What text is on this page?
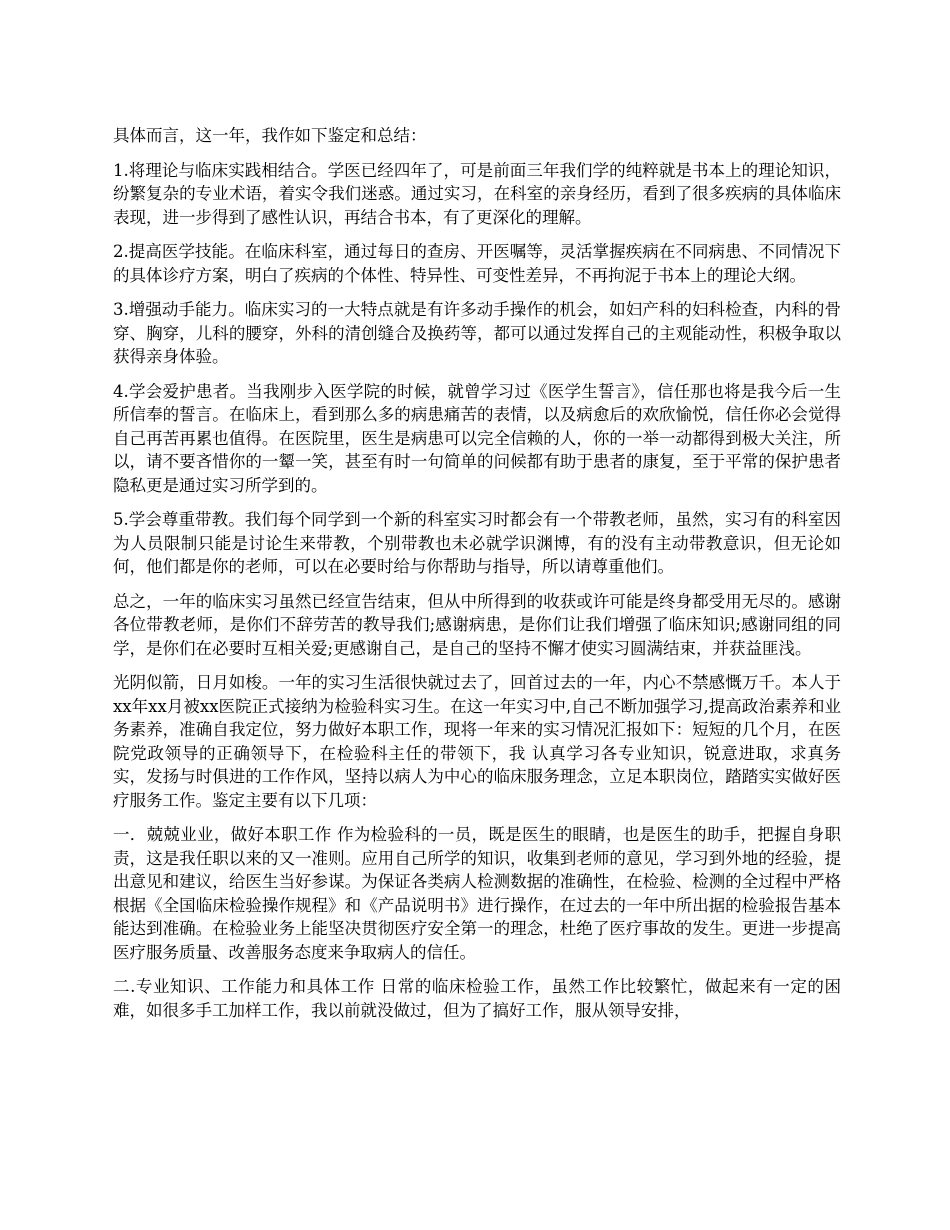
具体而言，这一年，我作如下鉴定和总结：

1.将理论与临床实践相结合。学医已经四年了，可是前面三年我们学的纯粹就是书本上的理论知识，纷繁复杂的专业术语，着实令我们迷惑。通过实习，在科室的亲身经历，看到了很多疾病的具体临床表现，进一步得到了感性认识，再结合书本，有了更深化的理解。

2.提高医学技能。在临床科室，通过每日的查房、开医嘱等，灵活掌握疾病在不同病患、不同情况下的具体诊疗方案，明白了疾病的个体性、特异性、可变性差异，不再拘泥于书本上的理论大纲。

3.增强动手能力。临床实习的一大特点就是有许多动手操作的机会，如妇产科的妇科检查，内科的骨穿、胸穿，儿科的腰穿，外科的清创缝合及换药等，都可以通过发挥自己的主观能动性，积极争取以获得亲身体验。

4.学会爱护患者。当我刚步入医学院的时候，就曾学习过《医学生誓言》，信任那也将是我今后一生所信奉的誓言。在临床上，看到那么多的病患痛苦的表情，以及病愈后的欢欣愉悦，信任你必会觉得自己再苦再累也值得。在医院里，医生是病患可以完全信赖的人，你的一举一动都得到极大关注，所以，请不要吝惜你的一颦一笑，甚至有时一句简单的问候都有助于患者的康复，至于平常的保护患者隐私更是通过实习所学到的。

5.学会尊重带教。我们每个同学到一个新的科室实习时都会有一个带教老师，虽然，实习有的科室因为人员限制只能是讨论生来带教，个别带教也未必就学识渊博，有的没有主动带教意识，但无论如何，他们都是你的老师，可以在必要时给与你帮助与指导，所以请尊重他们。

总之，一年的临床实习虽然已经宣告结束，但从中所得到的收获或许可能是终身都受用无尽的。感谢各位带教老师，是你们不辞劳苦的教导我们;感谢病患，是你们让我们增强了临床知识;感谢同组的同学，是你们在必要时互相关爱;更感谢自己，是自己的坚持不懈才使实习圆满结束，并获益匪浅。

光阴似箭，日月如梭。一年的实习生活很快就过去了，回首过去的一年，内心不禁感慨万千。本人于xx年xx月被xx医院正式接纳为检验科实习生。在这一年实习中,自己不断加强学习,提高政治素养和业务素养，准确自我定位，努力做好本职工作，现将一年来的实习情况汇报如下：短短的几个月，在医院党政领导的正确领导下，在检验科主任的带领下，我 认真学习各专业知识，锐意进取，求真务实，发扬与时俱进的工作作风，坚持以病人为中心的临床服务理念，立足本职岗位，踏踏实实做好医疗服务工作。鉴定主要有以下几项：

一．兢兢业业，做好本职工作 作为检验科的一员，既是医生的眼睛，也是医生的助手，把握自身职责，这是我任职以来的又一准则。应用自己所学的知识，收集到老师的意见，学习到外地的经验，提出意见和建议，给医生当好参谋。为保证各类病人检测数据的准确性，在检验、检测的全过程中严格根据《全国临床检验操作规程》和《产品说明书》进行操作，在过去的一年中所出据的检验报告基本能达到准确。在检验业务上能坚决贯彻医疗安全第一的理念，杜绝了医疗事故的发生。更进一步提高医疗服务质量、改善服务态度来争取病人的信任。

二.专业知识、工作能力和具体工作 日常的临床检验工作，虽然工作比较繁忙，做起来有一定的困难，如很多手工加样工作，我以前就没做过，但为了搞好工作，服从领导安排，
